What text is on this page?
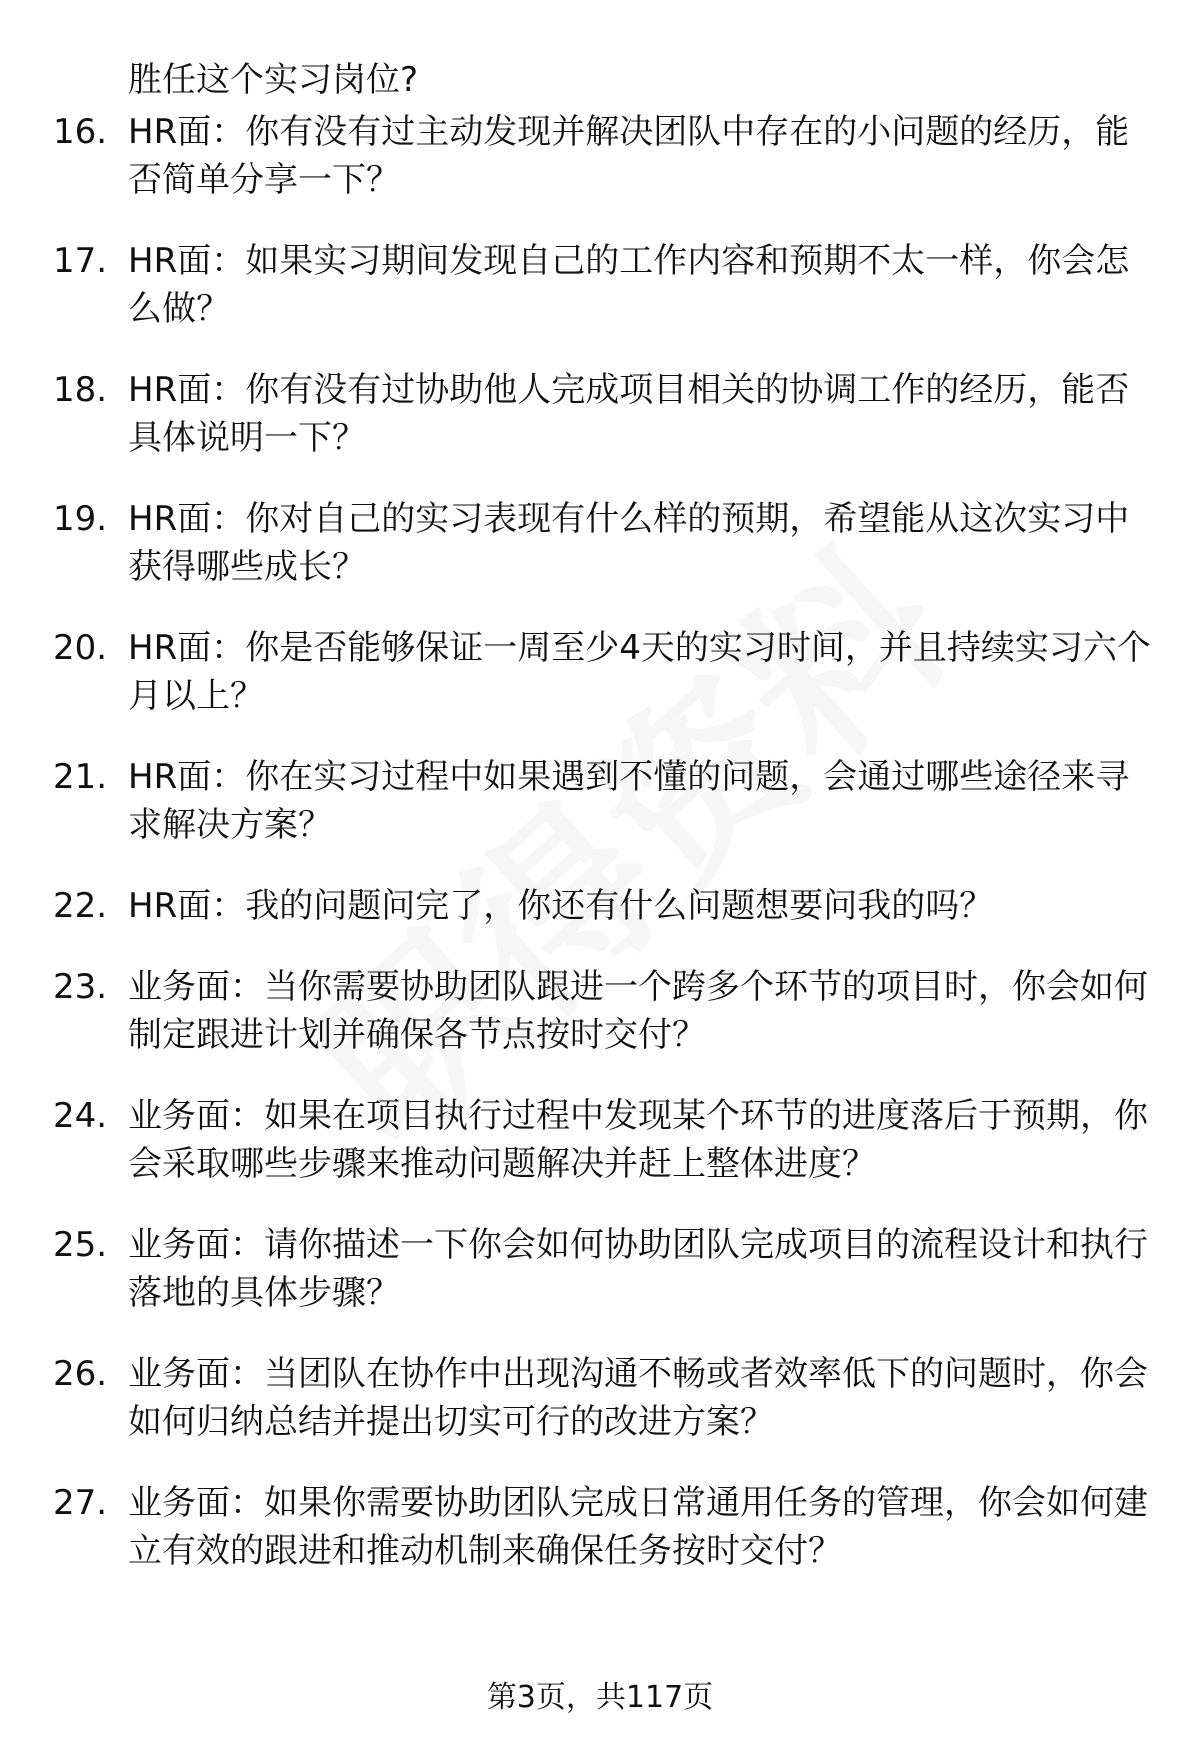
胜任这个实习岗位?
16. HR面：你有没有过主动发现并解决团队中存在的小问题的经历，能否简单分享一下？
17. HR面：如果实习期间发现自己的工作内容和预期不太一样，你会怎么做？
18. HR面：你有没有过协助他人完成项目相关的协调工作的经历，能否具体说明一下？
19. HR面：你对自己的实习表现有什么样的预期，希望能从这次实习中获得哪些成长？
20. HR面：你是否能够保证一周至少4天的实习时间，并且持续实习六个月以上？
21. HR面：你在实习过程中如果遇到不懂的问题，会通过哪些途径来寻求解决方案？
22. HR面：我的问题问完了，你还有什么问题想要问我的吗？
23. 业务面：当你需要协助团队跟进一个跨多个环节的项目时，你会如何制定跟进计划并确保各节点按时交付？
24. 业务面：如果在项目执行过程中发现某个环节的进度落后于预期，你会采取哪些步骤来推动问题解决并赶上整体进度？
25. 业务面：请你描述一下你会如何协助团队完成项目的流程设计和执行落地的具体步骤？
26. 业务面：当团队在协作中出现沟通不畅或者效率低下的问题时，你会如何归纳总结并提出切实可行的改进方案？
27. 业务面：如果你需要协助团队完成日常通用任务的管理，你会如何建立有效的跟进和推动机制来确保任务按时交付？
第3页，共117页
